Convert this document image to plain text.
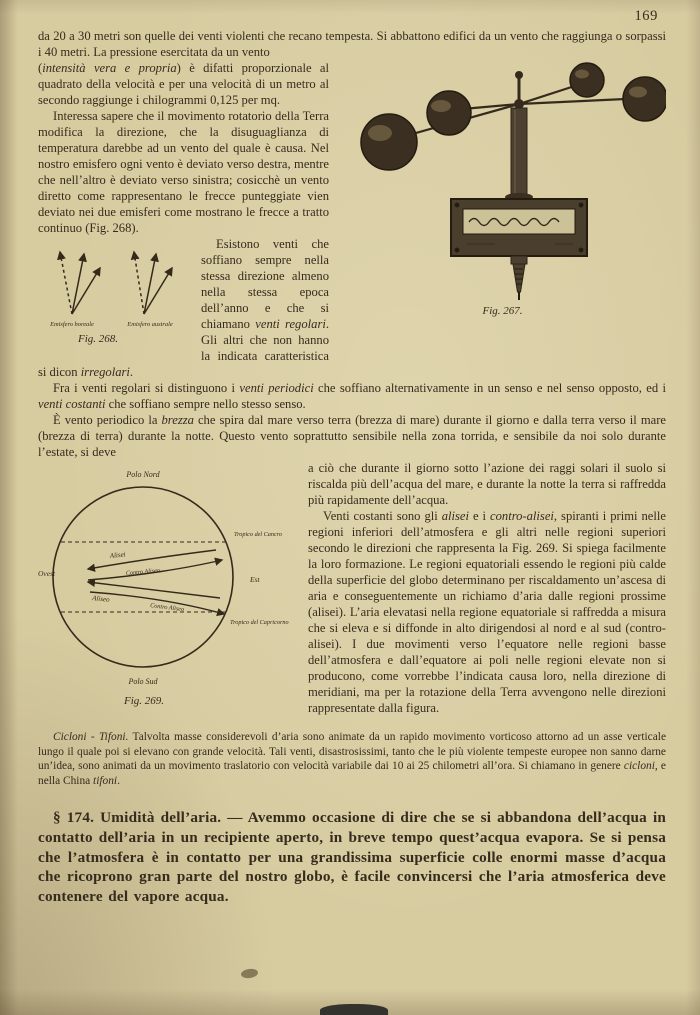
169

da 20 a 30 metri son quelle dei venti violenti che recano tempesta. Si abbattono edifici da un vento che raggiunga o sorpassi i 40 metri. La pressione esercitata da un vento

Fig. 267.

(intensità vera e propria) è difatti proporzionale al quadrato della velocità e per una velocità di un metro al secondo raggiunge i chilogrammi 0,125 per mq.

Interessa sapere che il movimento rotatorio della Terra modifica la direzione, che la disuguaglianza di temperatura darebbe ad un vento del quale è causa. Nel nostro emisfero ogni vento è deviato verso destra, mentre che nell’altro è deviato verso sinistra; cosicchè un vento diretto come rappresentano le frecce punteggiate vien deviato nei due emisferi come mostrano le frecce a tratto continuo (Fig. 268).

Emisfero boreale	Emisfero australe
Fig. 268.

Esistono venti che soffiano sempre nella stessa direzione almeno nella stessa epoca dell’anno e che si chiamano venti regolari. Gli altri che non hanno la indicata caratteristica si dicon irregolari.

Fra i venti regolari si distinguono i venti periodici che soffiano alternativamente in un senso e nel senso opposto, ed i venti costanti che soffiano sempre nello stesso senso.

È vento periodico la brezza che spira dal mare verso terra (brezza di mare) durante il giorno e dalla terra verso il mare (brezza di terra) durante la notte. Questo vento soprattutto sensibile nella zona torrida, e sensibile da noi solo durante l’estate, si deve

Polo Nord
Polo Sud
Ovest
Est
Tropico del Cancro
Tropico del Capricorno
Alisei
Contro Aliseo
Aliseo
Contro Aliseo
Fig. 269.

a ciò che durante il giorno sotto l’azione dei raggi solari il suolo si riscalda più dell’acqua del mare, e durante la notte la terra si raffredda più rapidamente dell’acqua.

Venti costanti sono gli alisei e i contro-alisei, spiranti i primi nelle regioni inferiori dell’atmosfera e gli altri nelle regioni superiori secondo le direzioni che rappresenta la Fig. 269. Si spiega facilmente la loro formazione. Le regioni equatoriali essendo le regioni più calde della superficie del globo determinano per riscaldamento un’ascesa di aria e conseguentemente un richiamo d’aria dalle regioni prossime (alisei). L’aria elevatasi nella regione equatoriale si raffredda a misura che si eleva e si diffonde in alto dirigendosi al nord e al sud (contro-alisei). I due movimenti verso l’equatore nelle regioni basse dell’atmosfera e dall’equatore ai poli nelle regioni elevate non si producono, come vorrebbe l’indicata causa loro, nella direzione di meridiani, ma per la rotazione della Terra avvengono nelle direzioni rappresentate dalla figura.

Cicloni - Tifoni. Talvolta masse considerevoli d’aria sono animate da un rapido movimento vorticoso attorno ad un asse verticale lungo il quale poi si elevano con grande velocità. Tali venti, disastrosissimi, tanto che le più violente tempeste europee non sanno darne un’idea, sono animati da un movimento traslatorio con velocità variabile dai 10 ai 25 chilometri all’ora. Si chiamano in genere cicloni, e nella China tifoni.

§ 174. Umidità dell’aria. — Avemmo occasione di dire che se si abbandona dell’acqua in contatto dell’aria in un recipiente aperto, in breve tempo quest’acqua evapora. Se si pensa che l’atmosfera è in contatto per una grandissima superficie colle enormi masse d’acqua che ricoprono gran parte del nostro globo, è facile convincersi che l’aria atmosferica deve contenere del vapore acqua.
